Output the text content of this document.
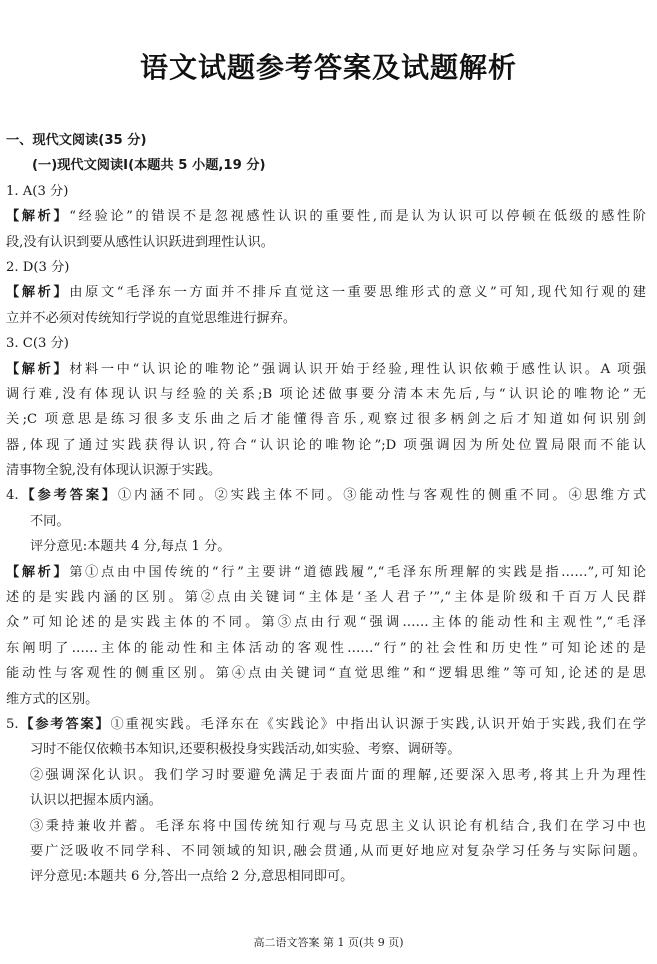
语文试题参考答案及试题解析
一、现代文阅读(35 分)
(一)现代文阅读Ⅰ(本题共 5 小题,19 分)
1. A(3 分)
【解析】“经验论”的错误不是忽视感性认识的重要性,而是认为认识可以停顿在低级的感性阶
段,没有认识到要从感性认识跃进到理性认识。
2. D(3 分)
【解析】由原文“毛泽东一方面并不排斥直觉这一重要思维形式的意义”可知,现代知行观的建
立并不必须对传统知行学说的直觉思维进行摒弃。
3. C(3 分)
【解析】材料一中“认识论的唯物论”强调认识开始于经验,理性认识依赖于感性认识。A 项强
调行难,没有体现认识与经验的关系;B 项论述做事要分清本末先后,与“认识论的唯物论”无
关;C 项意思是练习很多支乐曲之后才能懂得音乐,观察过很多柄剑之后才知道如何识别剑
器,体现了通过实践获得认识,符合“认识论的唯物论”;D 项强调因为所处位置局限而不能认
清事物全貌,没有体现认识源于实践。
4.【参考答案】①内涵不同。②实践主体不同。③能动性与客观性的侧重不同。④思维方式
不同。
评分意见:本题共 4 分,每点 1 分。
【解析】第①点由中国传统的“行”主要讲“道德践履”,“毛泽东所理解的实践是指……”,可知论
述的是实践内涵的区别。第②点由关键词“主体是‘圣人君子’”,“主体是阶级和千百万人民群
众”可知论述的是实践主体的不同。第③点由行观“强调……主体的能动性和主观性”,“毛泽
东阐明了……主体的能动性和主体活动的客观性……“行”的社会性和历史性”可知论述的是
能动性与客观性的侧重区别。第④点由关键词“直觉思维”和“逻辑思维”等可知,论述的是思
维方式的区别。
5.【参考答案】①重视实践。毛泽东在《实践论》中指出认识源于实践,认识开始于实践,我们在学
习时不能仅依赖书本知识,还要积极投身实践活动,如实验、考察、调研等。
②强调深化认识。我们学习时要避免满足于表面片面的理解,还要深入思考,将其上升为理性
认识以把握本质内涵。
③秉持兼收并蓄。毛泽东将中国传统知行观与马克思主义认识论有机结合,我们在学习中也
要广泛吸收不同学科、不同领域的知识,融会贯通,从而更好地应对复杂学习任务与实际问题。
评分意见:本题共 6 分,答出一点给 2 分,意思相同即可。
高二语文答案 第 1 页(共 9 页)
